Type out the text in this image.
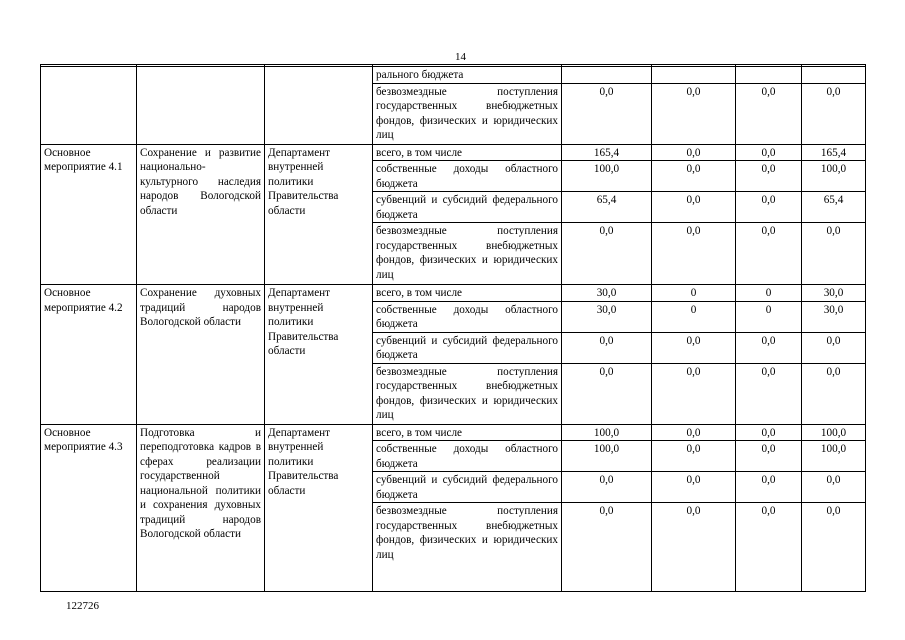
14

			рального бюджета				
			безвозмездные поступления государственных внебюджетных фондов, физических и юридических лиц	0,0	0,0	0,0	0,0
Основное мероприятие 4.1	Сохранение и развитие национально-культурного наследия народов Вологодской области	Департамент внутренней политики Правительства области	всего, в том числе	165,4	0,0	0,0	165,4
			собственные доходы областного бюджета	100,0	0,0	0,0	100,0
			субвенций и субсидий федерального бюджета	65,4	0,0	0,0	65,4
			безвозмездные поступления государственных внебюджетных фондов, физических и юридических лиц	0,0	0,0	0,0	0,0
Основное мероприятие 4.2	Сохранение духовных традиций народов Вологодской области	Департамент внутренней политики Правительства области	всего, в том числе	30,0	0	0	30,0
			собственные доходы областного бюджета	30,0	0	0	30,0
			субвенций и субсидий федерального бюджета	0,0	0,0	0,0	0,0
			безвозмездные поступления государственных внебюджетных фондов, физических и юридических лиц	0,0	0,0	0,0	0,0
Основное мероприятие 4.3	Подготовка и переподготовка кадров в сферах реализации государственной национальной политики и сохранения духовных традиций народов Вологодской области	Департамент внутренней политики Правительства области	всего, в том числе	100,0	0,0	0,0	100,0
			собственные доходы областного бюджета	100,0	0,0	0,0	100,0
			субвенций и субсидий федерального бюджета	0,0	0,0	0,0	0,0
			безвозмездные поступления государственных внебюджетных фондов, физических и юридических лиц	0,0	0,0	0,0	0,0
122726
